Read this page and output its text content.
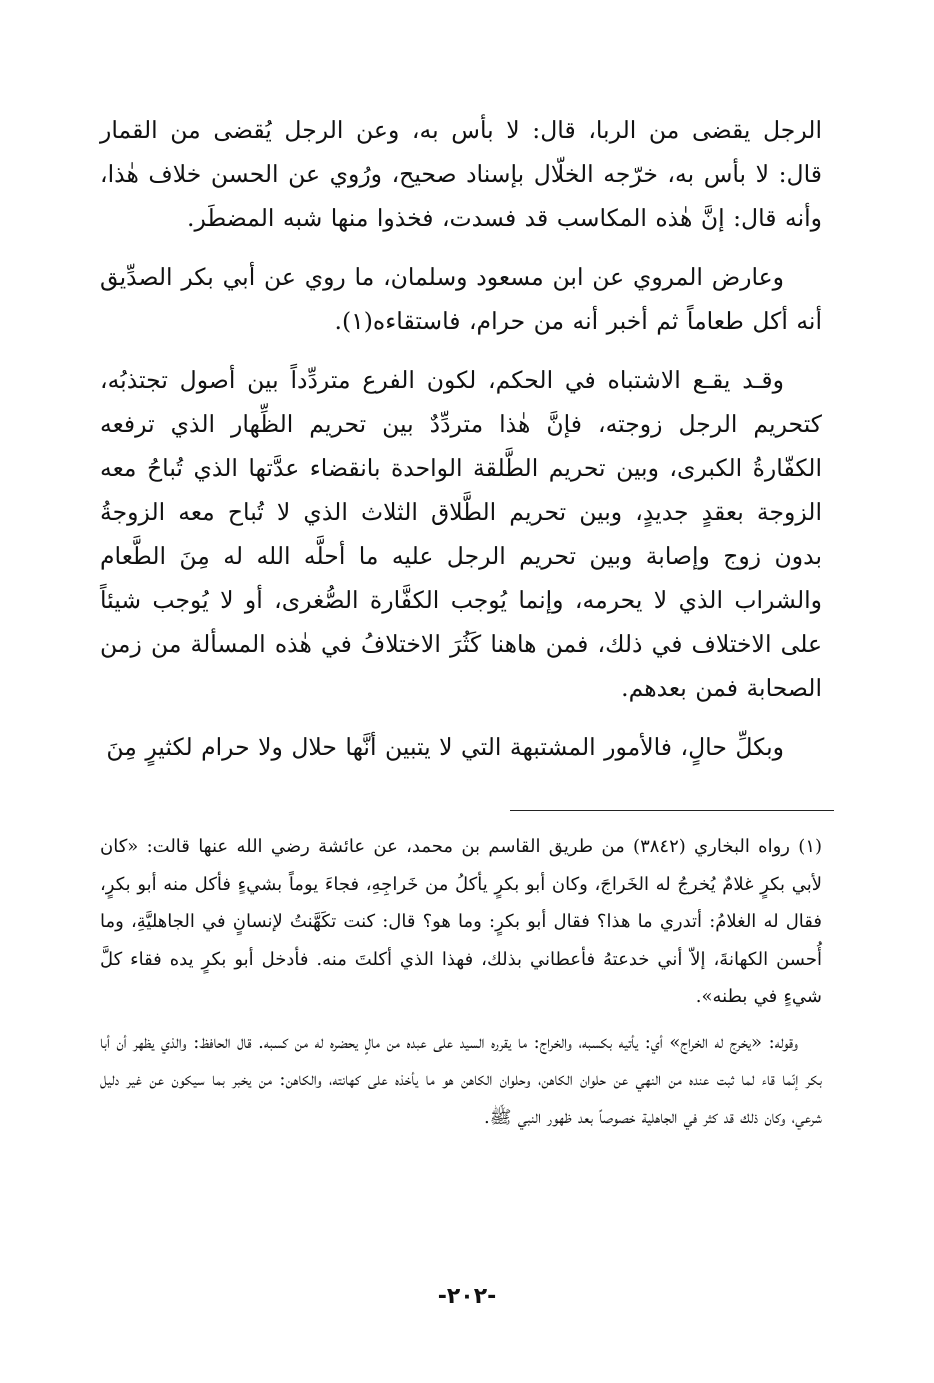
الرجل يقضى من الربا، قال: لا بأس به، وعن الرجل يُقضى من القمار قال: لا بأس به، خرّجه الخلّال بإسناد صحيح، ورُوي عن الحسن خلاف هٰذا، وأنه قال: إنَّ هٰذه المكاسب قد فسدت، فخذوا منها شبه المضطَر.

وعارض المروي عن ابن مسعود وسلمان، ما روي عن أبي بكر الصدِّيق أنه أكل طعاماً ثم أخبر أنه من حرام، فاستقاءه(١).

وقـد يقـع الاشتباه في الحكم، لكون الفرع متردِّداً بين أصول تجتذبُه، كتحريم الرجل زوجته، فإنَّ هٰذا متردِّدٌ بين تحريم الظِّهار الذي ترفعه الكفّارةُ الكبرى، وبين تحريم الطَّلقة الواحدة بانقضاء عدَّتها الذي تُباحُ معه الزوجة بعقدٍ جديدٍ، وبين تحريم الطَّلاق الثلاث الذي لا تُباح معه الزوجةُ بدون زوج وإصابة وبين تحريم الرجل عليه ما أحلَّه الله له مِنَ الطَّعام والشراب الذي لا يحرمه، وإنما يُوجب الكفَّارة الصُّغرى، أو لا يُوجب شيئاً على الاختلاف في ذلك، فمن هاهنا كَثُرَ الاختلافُ في هٰذه المسألة من زمن الصحابة فمن بعدهم.

وبكلِّ حالٍ، فالأمور المشتبهة التي لا يتبين أنَّها حلال ولا حرام لكثيرٍ مِنَ

(١) رواه البخاري (٣٨٤٢) من طريق القاسم بن محمد، عن عائشة رضي الله عنها قالت: «كان لأبي بكرٍ غلامٌ يُخرجُ له الخَراجَ، وكان أبو بكرٍ يأكلُ من خَراجِهِ، فجاءَ يوماً بشيءٍ فأكل منه أبو بكرٍ، فقال له الغلامُ: أتدري ما هذا؟ فقال أبو بكرٍ: وما هو؟ قال: كنت تكَهَّنتُ لإنسانٍ في الجاهليَّةِ، وما أُحسن الكهانةَ، إلاّ أني خدعتهُ فأعطاني بذلك، فهذا الذي أكلتَ منه. فأدخل أبو بكرٍ يده فقاء كلَّ شيءٍ في بطنه».

وقوله: «يخرج له الخراج» أي: يأتيه بكسبه، والخراج: ما يقرره السيد على عبده من مالٍ يحضره له من كسبه. قال الحافظ: والذي يظهر أن أبا بكر إنّما قاء لما ثبت عنده من النهي عن حلوان الكاهن، وحلوان الكاهن هو ما يأخذه على كهانته، والكاهن: من يخبر بما سيكون عن غير دليل شرعي، وكان ذلك قد كثر في الجاهلية خصوصاً بعد ظهور النبي ﷺ.

-٢٠٢-
